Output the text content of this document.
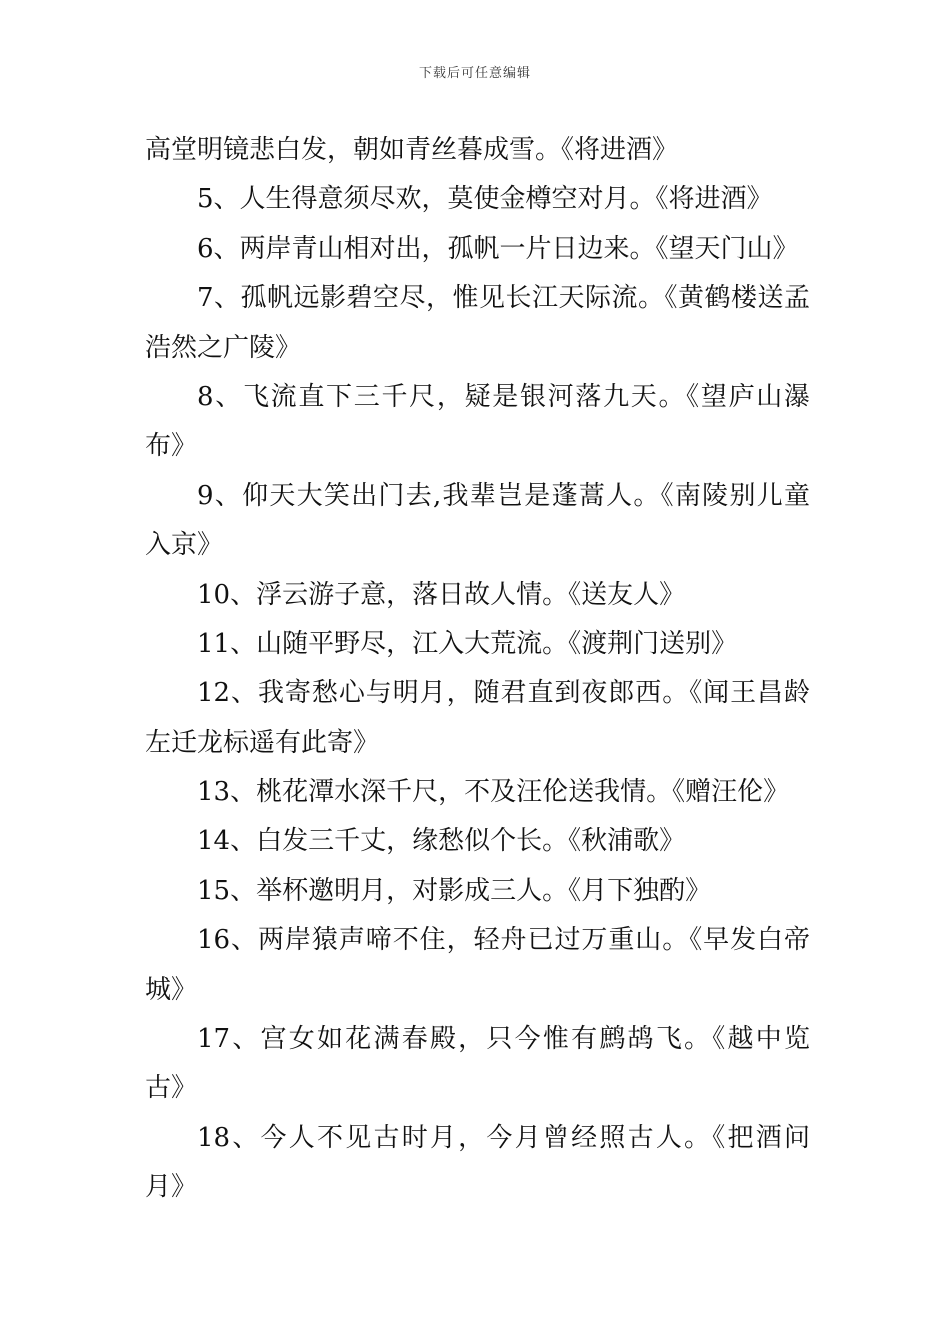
下载后可任意编辑
高堂明镜悲白发，朝如青丝暮成雪。《将进酒》
5、人生得意须尽欢，莫使金樽空对月。《将进酒》
6、两岸青山相对出，孤帆一片日边来。《望天门山》
7、孤帆远影碧空尽，惟见长江天际流。《黄鹤楼送孟
浩然之广陵》
8、飞流直下三千尺，疑是银河落九天。《望庐山瀑
布》
9、仰天大笑出门去,我辈岂是蓬蒿人。《南陵别儿童
入京》
10、浮云游子意，落日故人情。《送友人》
11、山随平野尽，江入大荒流。《渡荆门送别》
12、我寄愁心与明月，随君直到夜郎西。《闻王昌龄
左迁龙标遥有此寄》
13、桃花潭水深千尺，不及汪伦送我情。《赠汪伦》
14、白发三千丈，缘愁似个长。《秋浦歌》
15、举杯邀明月，对影成三人。《月下独酌》
16、两岸猿声啼不住，轻舟已过万重山。《早发白帝
城》
17、宫女如花满春殿，只今惟有鹧鸪飞。《越中览
古》
18、今人不见古时月，今月曾经照古人。《把酒问
月》
